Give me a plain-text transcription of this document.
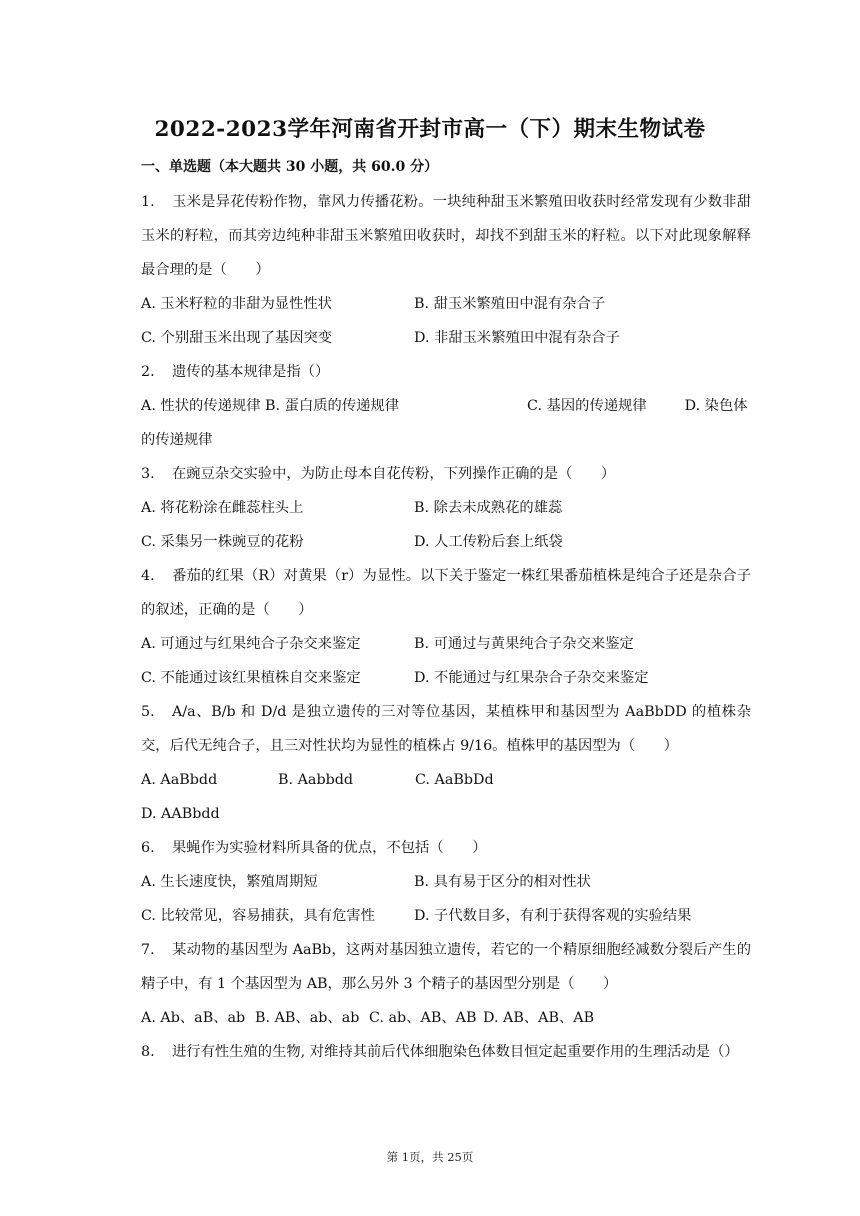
2022-2023学年河南省开封市高一（下）期末生物试卷
一、单选题（本大题共 30 小题，共 60.0 分）
1. 玉米是异花传粉作物，靠风力传播花粉。一块纯种甜玉米繁殖田收获时经常发现有少数非甜玉米的籽粒，而其旁边纯种非甜玉米繁殖田收获时，却找不到甜玉米的籽粒。以下对此现象解释最合理的是（　　）
A. 玉米籽粒的非甜为显性性状	B. 甜玉米繁殖田中混有杂合子
C. 个别甜玉米出现了基因突变	D. 非甜玉米繁殖田中混有杂合子
2. 遗传的基本规律是指（）
A. 性状的传递规律 B. 蛋白质的传递规律	C. 基因的传递规律	D. 染色体的传递规律
3. 在豌豆杂交实验中，为防止母本自花传粉，下列操作正确的是（　　）
A. 将花粉涂在雌蕊柱头上	B. 除去未成熟花的雄蕊
C. 采集另一株豌豆的花粉	D. 人工传粉后套上纸袋
4. 番茄的红果（R）对黄果（r）为显性。以下关于鉴定一株红果番茄植株是纯合子还是杂合子的叙述，正确的是（　　）
A. 可通过与红果纯合子杂交来鉴定	B. 可通过与黄果纯合子杂交来鉴定
C. 不能通过该红果植株自交来鉴定	D. 不能通过与红果杂合子杂交来鉴定
5. A/a、B/b 和 D/d 是独立遗传的三对等位基因，某植株甲和基因型为 AaBbDD 的植株杂交，后代无纯合子，且三对性状均为显性的植株占 9/16。植株甲的基因型为（　　）
A. AaBbdd	B. Aabbdd	C. AaBbDd
D. AABbdd
6. 果蝇作为实验材料所具备的优点，不包括（　　）
A. 生长速度快，繁殖周期短	B. 具有易于区分的相对性状
C. 比较常见，容易捕获，具有危害性	D. 子代数目多，有利于获得客观的实验结果
7. 某动物的基因型为 AaBb，这两对基因独立遗传，若它的一个精原细胞经减数分裂后产生的精子中，有 1 个基因型为 AB，那么另外 3 个精子的基因型分别是（　　）
A. Ab、aB、ab B. AB、ab、ab C. ab、AB、AB D. AB、AB、AB
8. 进行有性生殖的生物, 对维持其前后代体细胞染色体数目恒定起重要作用的生理活动是（）
第 1页，共 25页
